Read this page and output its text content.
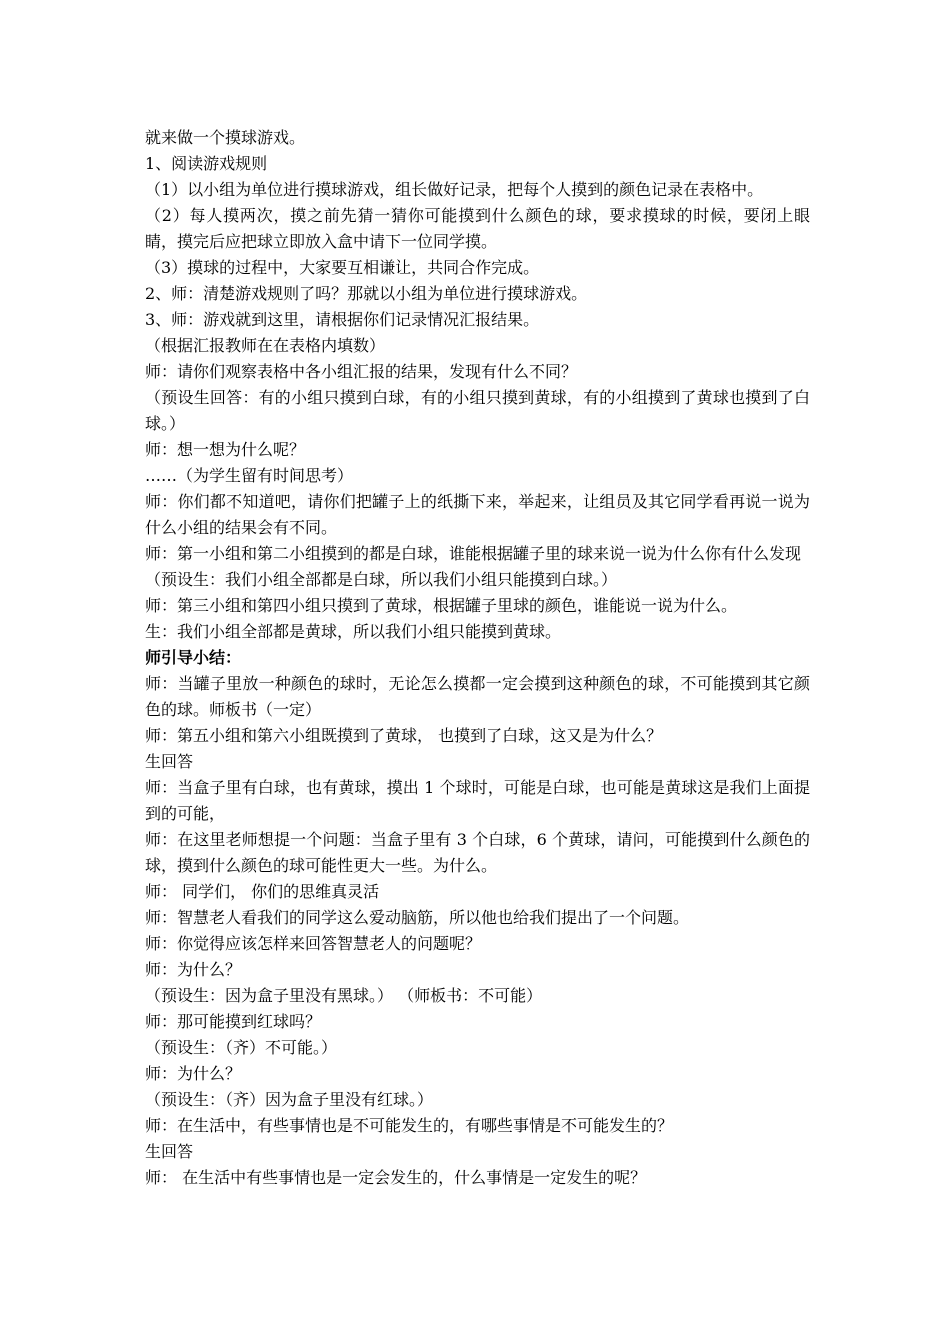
就来做一个摸球游戏。

1、阅读游戏规则

（1）以小组为单位进行摸球游戏，组长做好记录，把每个人摸到的颜色记录在表格中。

（2）每人摸两次，摸之前先猜一猜你可能摸到什么颜色的球，要求摸球的时候，要闭上眼睛，摸完后应把球立即放入盒中请下一位同学摸。

（3）摸球的过程中，大家要互相谦让，共同合作完成。

2、师：清楚游戏规则了吗？那就以小组为单位进行摸球游戏。

3、师：游戏就到这里，请根据你们记录情况汇报结果。

（根据汇报教师在在表格内填数）

师：请你们观察表格中各小组汇报的结果，发现有什么不同？

（预设生回答：有的小组只摸到白球，有的小组只摸到黄球，有的小组摸到了黄球也摸到了白球。）

师：想一想为什么呢？

……（为学生留有时间思考）

师：你们都不知道吧，请你们把罐子上的纸撕下来，举起来，让组员及其它同学看再说一说为什么小组的结果会有不同。

师：第一小组和第二小组摸到的都是白球，谁能根据罐子里的球来说一说为什么你有什么发现

（预设生：我们小组全部都是白球，所以我们小组只能摸到白球。）

师：第三小组和第四小组只摸到了黄球，根据罐子里球的颜色，谁能说一说为什么。

生：我们小组全部都是黄球，所以我们小组只能摸到黄球。

师引导小结：

师：当罐子里放一种颜色的球时，无论怎么摸都一定会摸到这种颜色的球，不可能摸到其它颜色的球。师板书（一定）

师：第五小组和第六小组既摸到了黄球， 也摸到了白球，这又是为什么？

生回答

师：当盒子里有白球，也有黄球，摸出 1 个球时，可能是白球，也可能是黄球这是我们上面提到的可能，

师：在这里老师想提一个问题：当盒子里有 3 个白球，6 个黄球，请问，可能摸到什么颜色的球，摸到什么颜色的球可能性更大一些。为什么。

师： 同学们， 你们的思维真灵活

师：智慧老人看我们的同学这么爱动脑筋，所以他也给我们提出了一个问题。

师：你觉得应该怎样来回答智慧老人的问题呢？

师：为什么？

（预设生：因为盒子里没有黑球。） （师板书：不可能）

师：那可能摸到红球吗？

（预设生：（齐）不可能。）

师：为什么？

（预设生：（齐）因为盒子里没有红球。）

师：在生活中，有些事情也是不可能发生的，有哪些事情是不可能发生的？

生回答

师： 在生活中有些事情也是一定会发生的，什么事情是一定发生的呢？
